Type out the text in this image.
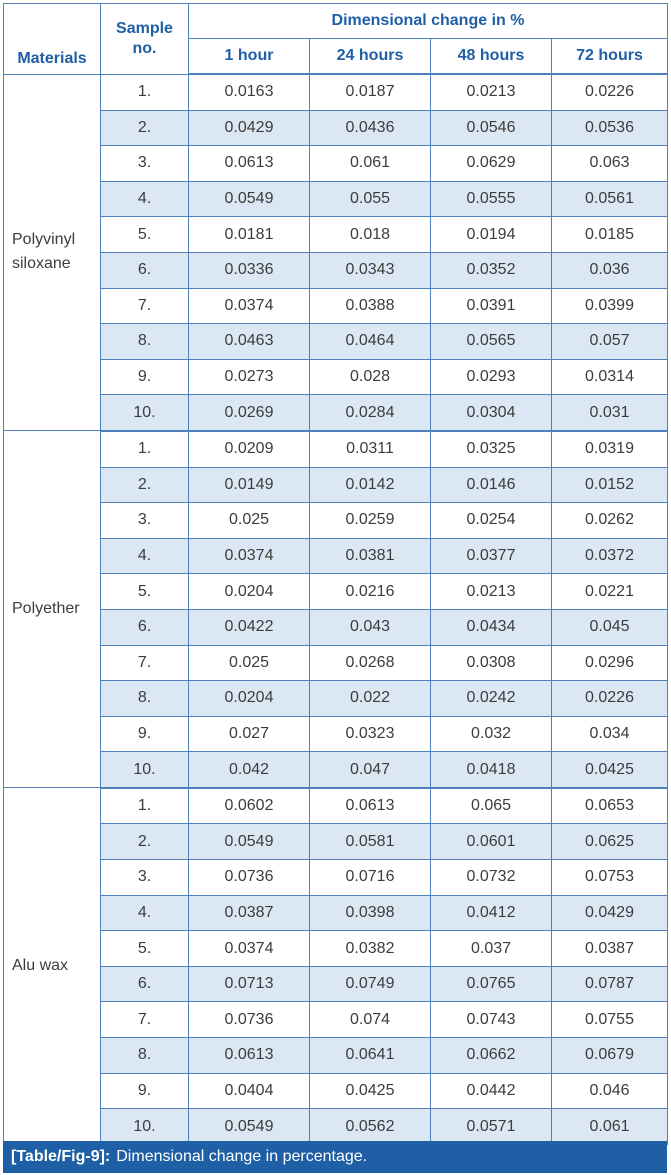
Materials	Sample no.	Dimensional change in %			
		1 hour	24 hours	48 hours	72 hours
Polyvinyl siloxane	1.	0.0163	0.0187	0.0213	0.0226
	2.	0.0429	0.0436	0.0546	0.0536
	3.	0.0613	0.061	0.0629	0.063
	4.	0.0549	0.055	0.0555	0.0561
	5.	0.0181	0.018	0.0194	0.0185
	6.	0.0336	0.0343	0.0352	0.036
	7.	0.0374	0.0388	0.0391	0.0399
	8.	0.0463	0.0464	0.0565	0.057
	9.	0.0273	0.028	0.0293	0.0314
	10.	0.0269	0.0284	0.0304	0.031
Polyether	1.	0.0209	0.0311	0.0325	0.0319
	2.	0.0149	0.0142	0.0146	0.0152
	3.	0.025	0.0259	0.0254	0.0262
	4.	0.0374	0.0381	0.0377	0.0372
	5.	0.0204	0.0216	0.0213	0.0221
	6.	0.0422	0.043	0.0434	0.045
	7.	0.025	0.0268	0.0308	0.0296
	8.	0.0204	0.022	0.0242	0.0226
	9.	0.027	0.0323	0.032	0.034
	10.	0.042	0.047	0.0418	0.0425
Alu wax	1.	0.0602	0.0613	0.065	0.0653
	2.	0.0549	0.0581	0.0601	0.0625
	3.	0.0736	0.0716	0.0732	0.0753
	4.	0.0387	0.0398	0.0412	0.0429
	5.	0.0374	0.0382	0.037	0.0387
	6.	0.0713	0.0749	0.0765	0.0787
	7.	0.0736	0.074	0.0743	0.0755
	8.	0.0613	0.0641	0.0662	0.0679
	9.	0.0404	0.0425	0.0442	0.046
	10.	0.0549	0.0562	0.0571	0.061
[Table/Fig-9]: Dimensional change in percentage.
